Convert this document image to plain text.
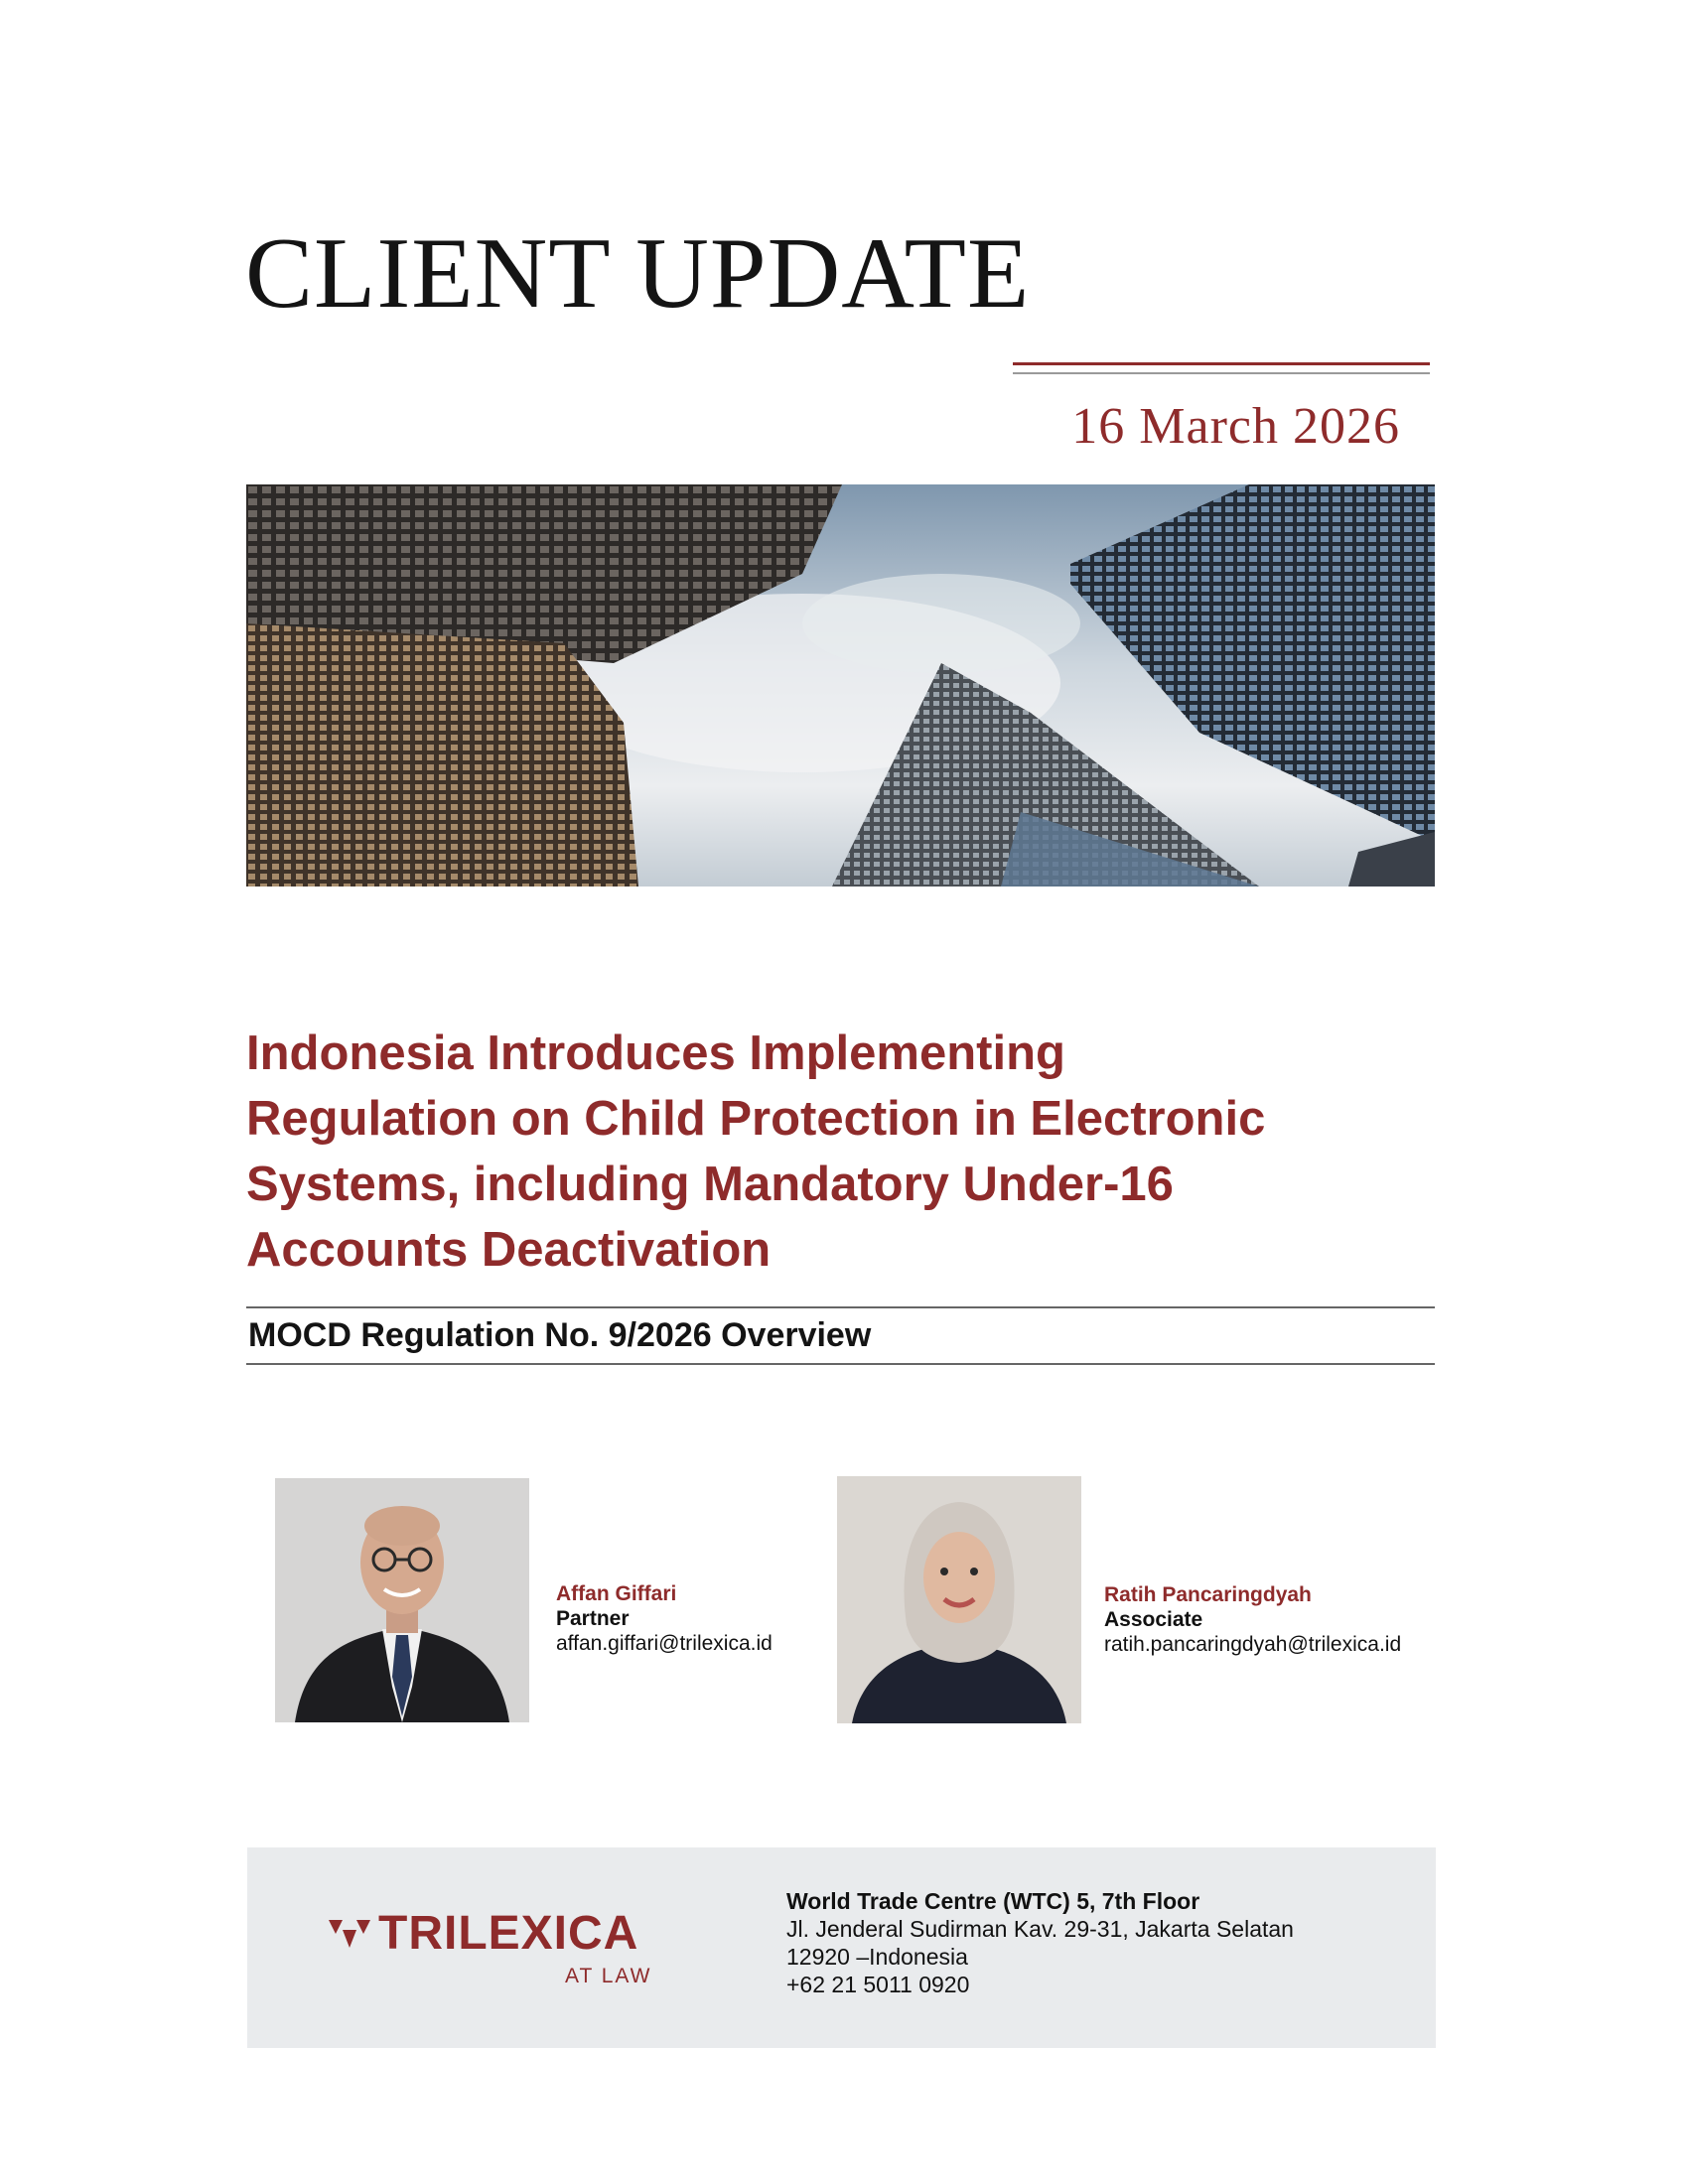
CLIENT UPDATE
16 March 2026
Indonesia Introduces Implementing
Regulation on Child Protection in Electronic
Systems, including Mandatory Under-16
Accounts Deactivation
MOCD Regulation No. 9/2026 Overview
Affan Giffari
Partner
affan.giffari@trilexica.id
Ratih Pancaringdyah
Associate
ratih.pancaringdyah@trilexica.id
TRILEXICA
AT LAW
World Trade Centre (WTC) 5, 7th Floor
Jl. Jenderal Sudirman Kav. 29-31, Jakarta Selatan
12920 –Indonesia
+62 21 5011 0920
